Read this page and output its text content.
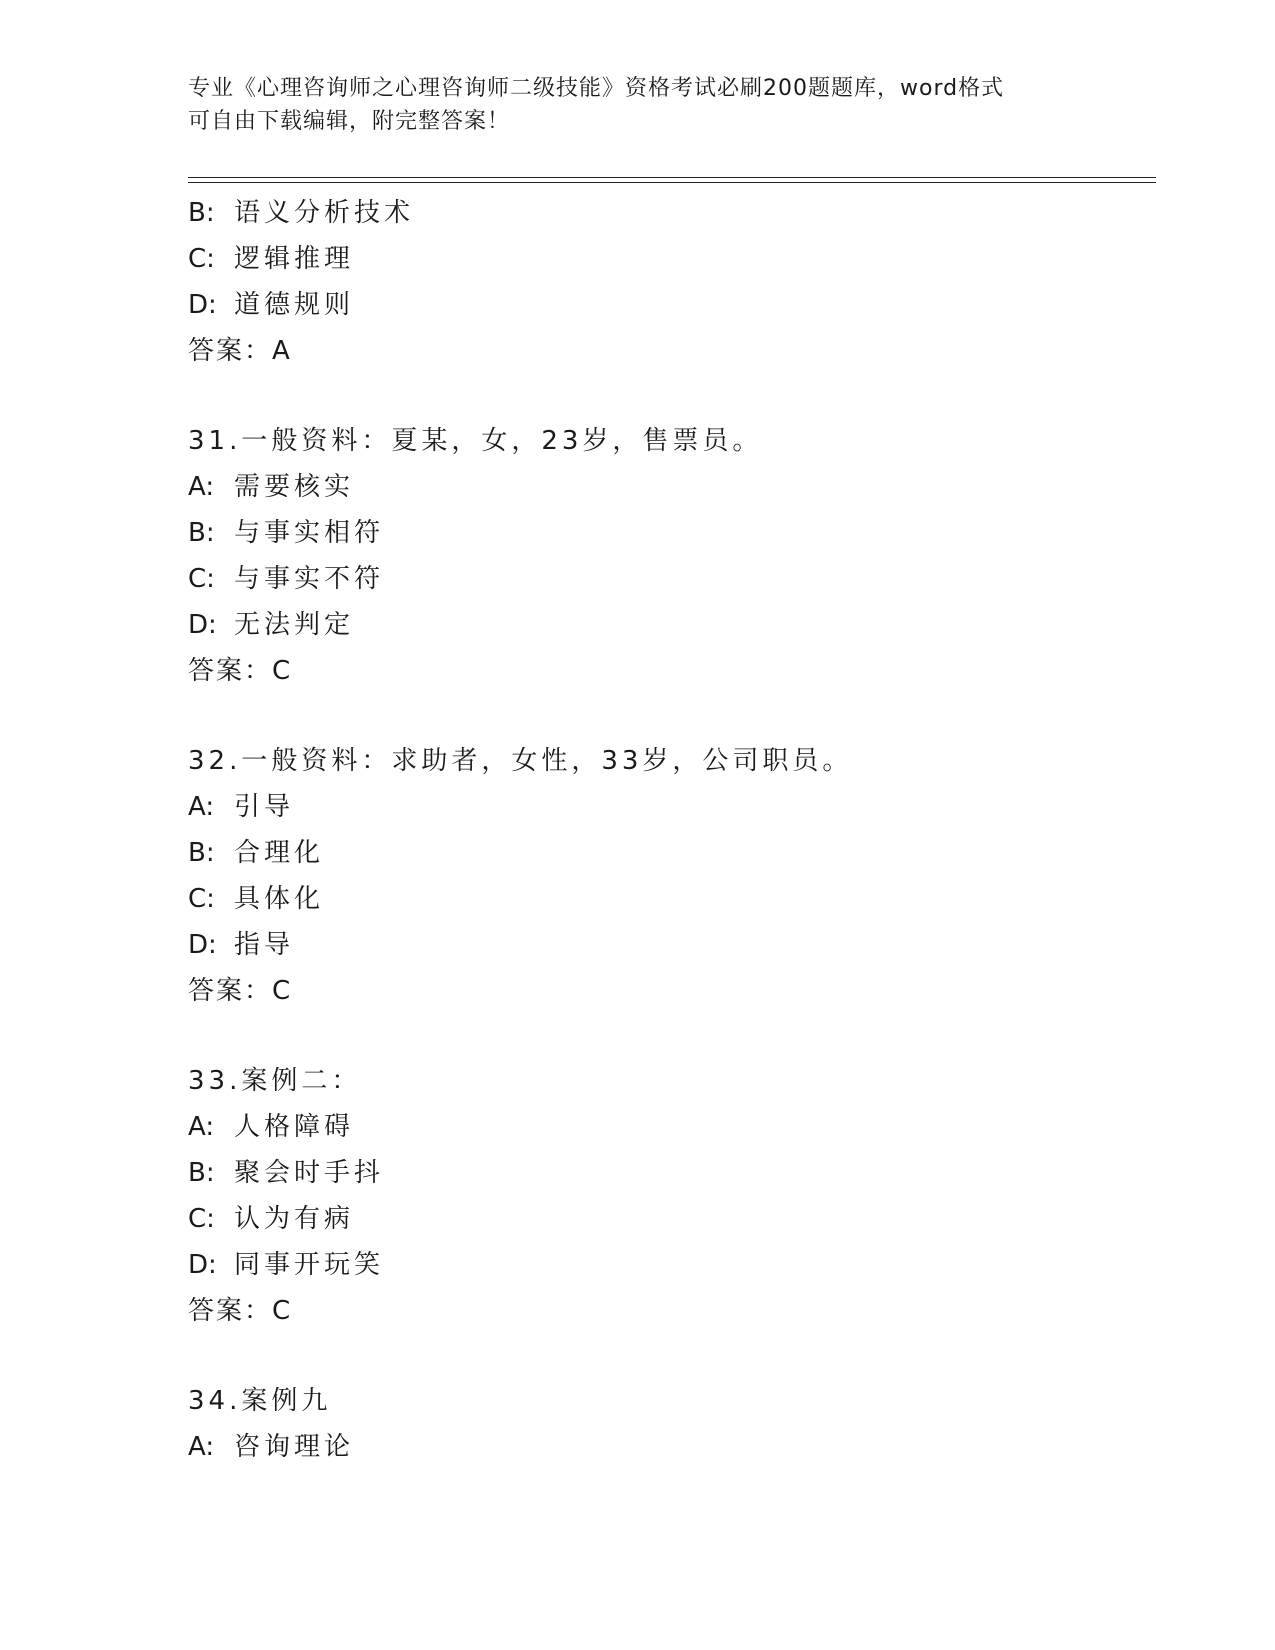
专业《心理咨询师之心理咨询师二级技能》资格考试必刷200题题库，word格式
可自由下载编辑，附完整答案！
B: 语义分析技术
C: 逻辑推理
D: 道德规则
答案：A
31.一般资料：夏某，女，23岁，售票员。
A: 需要核实
B: 与事实相符
C: 与事实不符
D: 无法判定
答案：C
32.一般资料：求助者，女性，33岁，公司职员。
A: 引导
B: 合理化
C: 具体化
D: 指导
答案：C
33.案例二：
A: 人格障碍
B: 聚会时手抖
C: 认为有病
D: 同事开玩笑
答案：C
34.案例九
A: 咨询理论
